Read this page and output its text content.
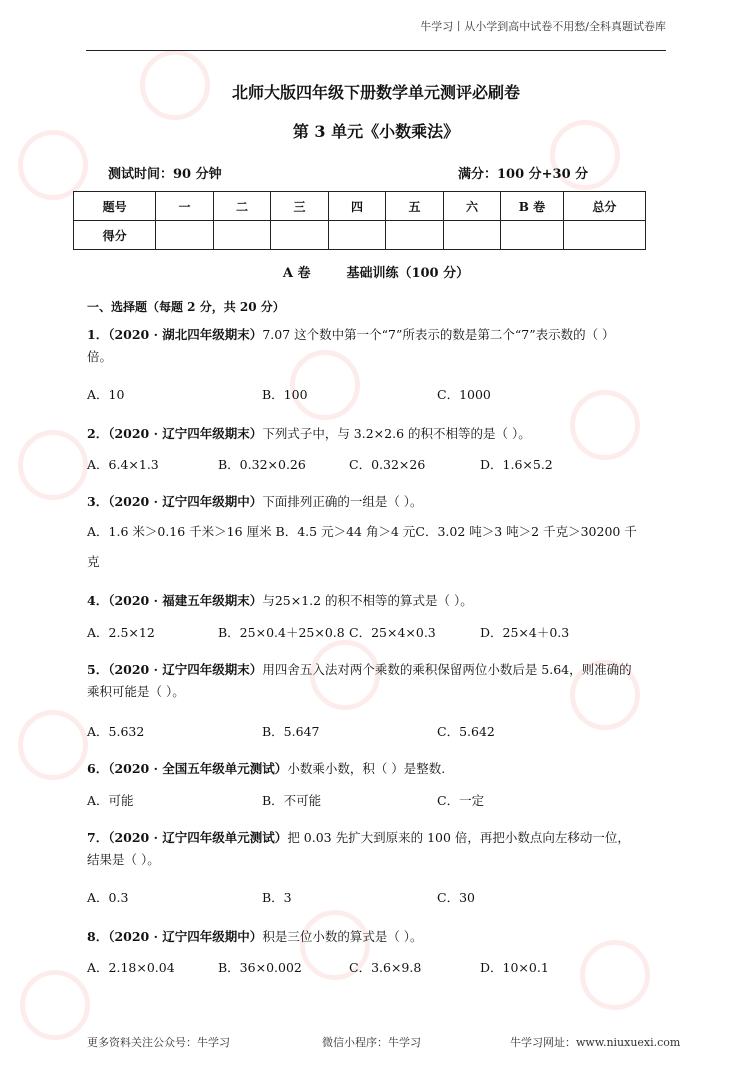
牛学习丨从小学到高中试卷不用愁/全科真题试卷库
北师大版四年级下册数学单元测评必刷卷
第 3 单元《小数乘法》
测试时间：90 分钟	满分：100 分+30 分
题号	一	二	三	四	五	六	B 卷	总分
得分								
A 卷	基础训练（100 分）
一、选择题（每题 2 分，共 20 分）
1．（2020 · 湖北四年级期末）7.07 这个数中第一个“7”所表示的数是第二个“7”表示数的（ ）
倍。
A．10	B．100	C．1000
2．（2020 · 辽宁四年级期末）下列式子中，与 3.2×2.6 的积不相等的是（ ）。
A．6.4×1.3	B．0.32×0.26	C．0.32×26	D．1.6×5.2
3．（2020 · 辽宁四年级期中）下面排列正确的一组是（ ）。
A．1.6 米＞0.16 千米＞16 厘米 B．4.5 元＞44 角＞4 元C．3.02 吨＞3 吨＞2 千克＞30200 千
克
4．（2020 · 福建五年级期末）与25×1.2 的积不相等的算式是（ ）。
A．2.5×12	B．25×0.4＋25×0.8 C．25×4×0.3	D．25×4＋0.3
5．（2020 · 辽宁四年级期末）用四舍五入法对两个乘数的乘积保留两位小数后是 5.64，则准确的
乘积可能是（ ）。
A．5.632	B．5.647	C．5.642
6．（2020 · 全国五年级单元测试）小数乘小数，积（ ）是整数.
A．可能	B．不可能	C．一定
7．（2020 · 辽宁四年级单元测试）把 0.03 先扩大到原来的 100 倍，再把小数点向左移动一位，
结果是（ ）。
A．0.3	B．3	C．30
8．（2020 · 辽宁四年级期中）积是三位小数的算式是（ ）。
A．2.18×0.04	B．36×0.002	C．3.6×9.8	D．10×0.1
更多资料关注公众号：牛学习	微信小程序：牛学习	牛学习网址：www.niuxuexi.com
